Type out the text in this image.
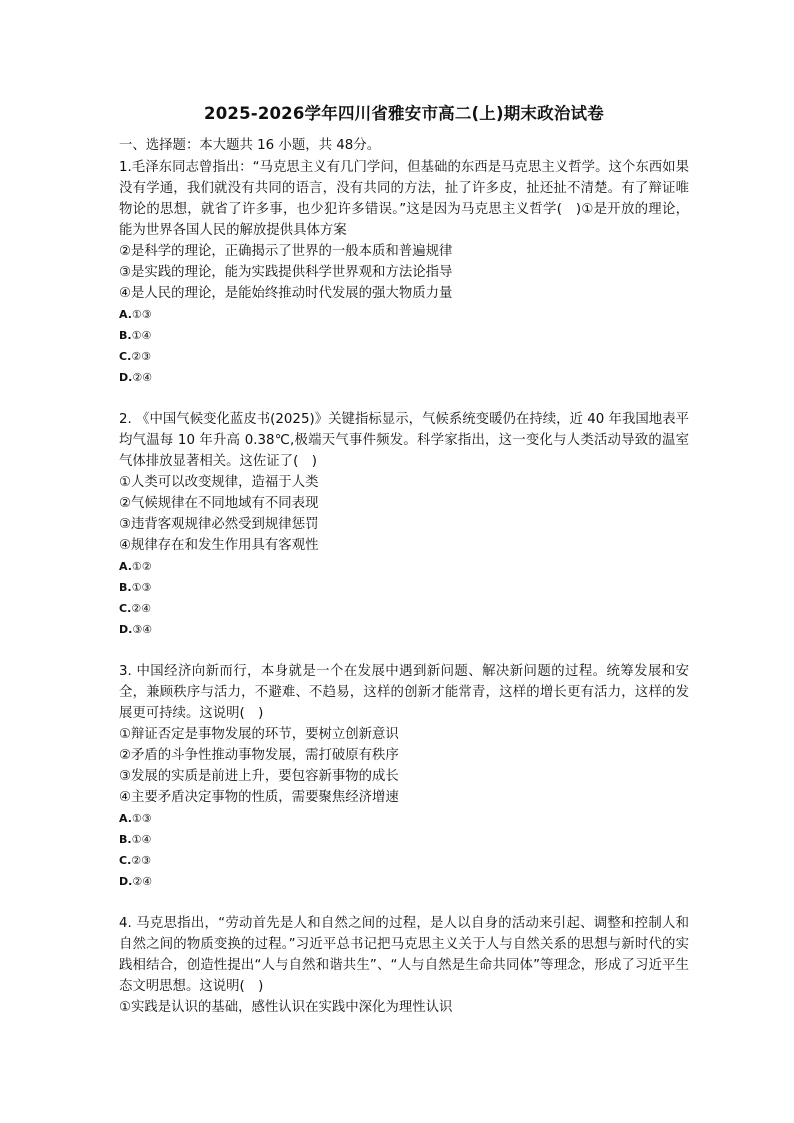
2025-2026学年四川省雅安市高二(上)期末政治试卷
一、选择题：本大题共 16 小题，共 48分。

1.毛泽东同志曾指出：“马克思主义有几门学问，但基础的东西是马克思主义哲学。这个东西如果没有学通，我们就没有共同的语言，没有共同的方法，扯了许多皮，扯还扯不清楚。有了辩证唯物论的思想，就省了许多事，也少犯许多错误。”这是因为马克思主义哲学(　)①是开放的理论，能为世界各国人民的解放提供具体方案

②是科学的理论，正确揭示了世界的一般本质和普遍规律

③是实践的理论，能为实践提供科学世界观和方法论指导

④是人民的理论，是能始终推动时代发展的强大物质力量

A.①③

B.①④

C.②③

D.②④

2. 《中国气候变化蓝皮书(2025)》关键指标显示，气候系统变暖仍在持续，近 40 年我国地表平均气温每 10 年升高 0.38℃,极端天气事件频发。科学家指出，这一变化与人类活动导致的温室气体排放显著相关。这佐证了(　)

①人类可以改变规律，造福于人类

②气候规律在不同地域有不同表现

③违背客观规律必然受到规律惩罚

④规律存在和发生作用具有客观性

A.①②

B.①③

C.②④

D.③④

3. 中国经济向新而行，本身就是一个在发展中遇到新问题、解决新问题的过程。统筹发展和安全，兼顾秩序与活力，不避难、不趋易，这样的创新才能常青，这样的增长更有活力，这样的发展更可持续。这说明(　)

①辩证否定是事物发展的环节，要树立创新意识

②矛盾的斗争性推动事物发展，需打破原有秩序

③发展的实质是前进上升，要包容新事物的成长

④主要矛盾决定事物的性质，需要聚焦经济增速

A.①③

B.①④

C.②③

D.②④

4. 马克思指出，“劳动首先是人和自然之间的过程，是人以自身的活动来引起、调整和控制人和自然之间的物质变换的过程。”习近平总书记把马克思主义关于人与自然关系的思想与新时代的实践相结合，创造性提出“人与自然和谐共生”、“人与自然是生命共同体”等理念，形成了习近平生态文明思想。这说明(　)

①实践是认识的基础，感性认识在实践中深化为理性认识
